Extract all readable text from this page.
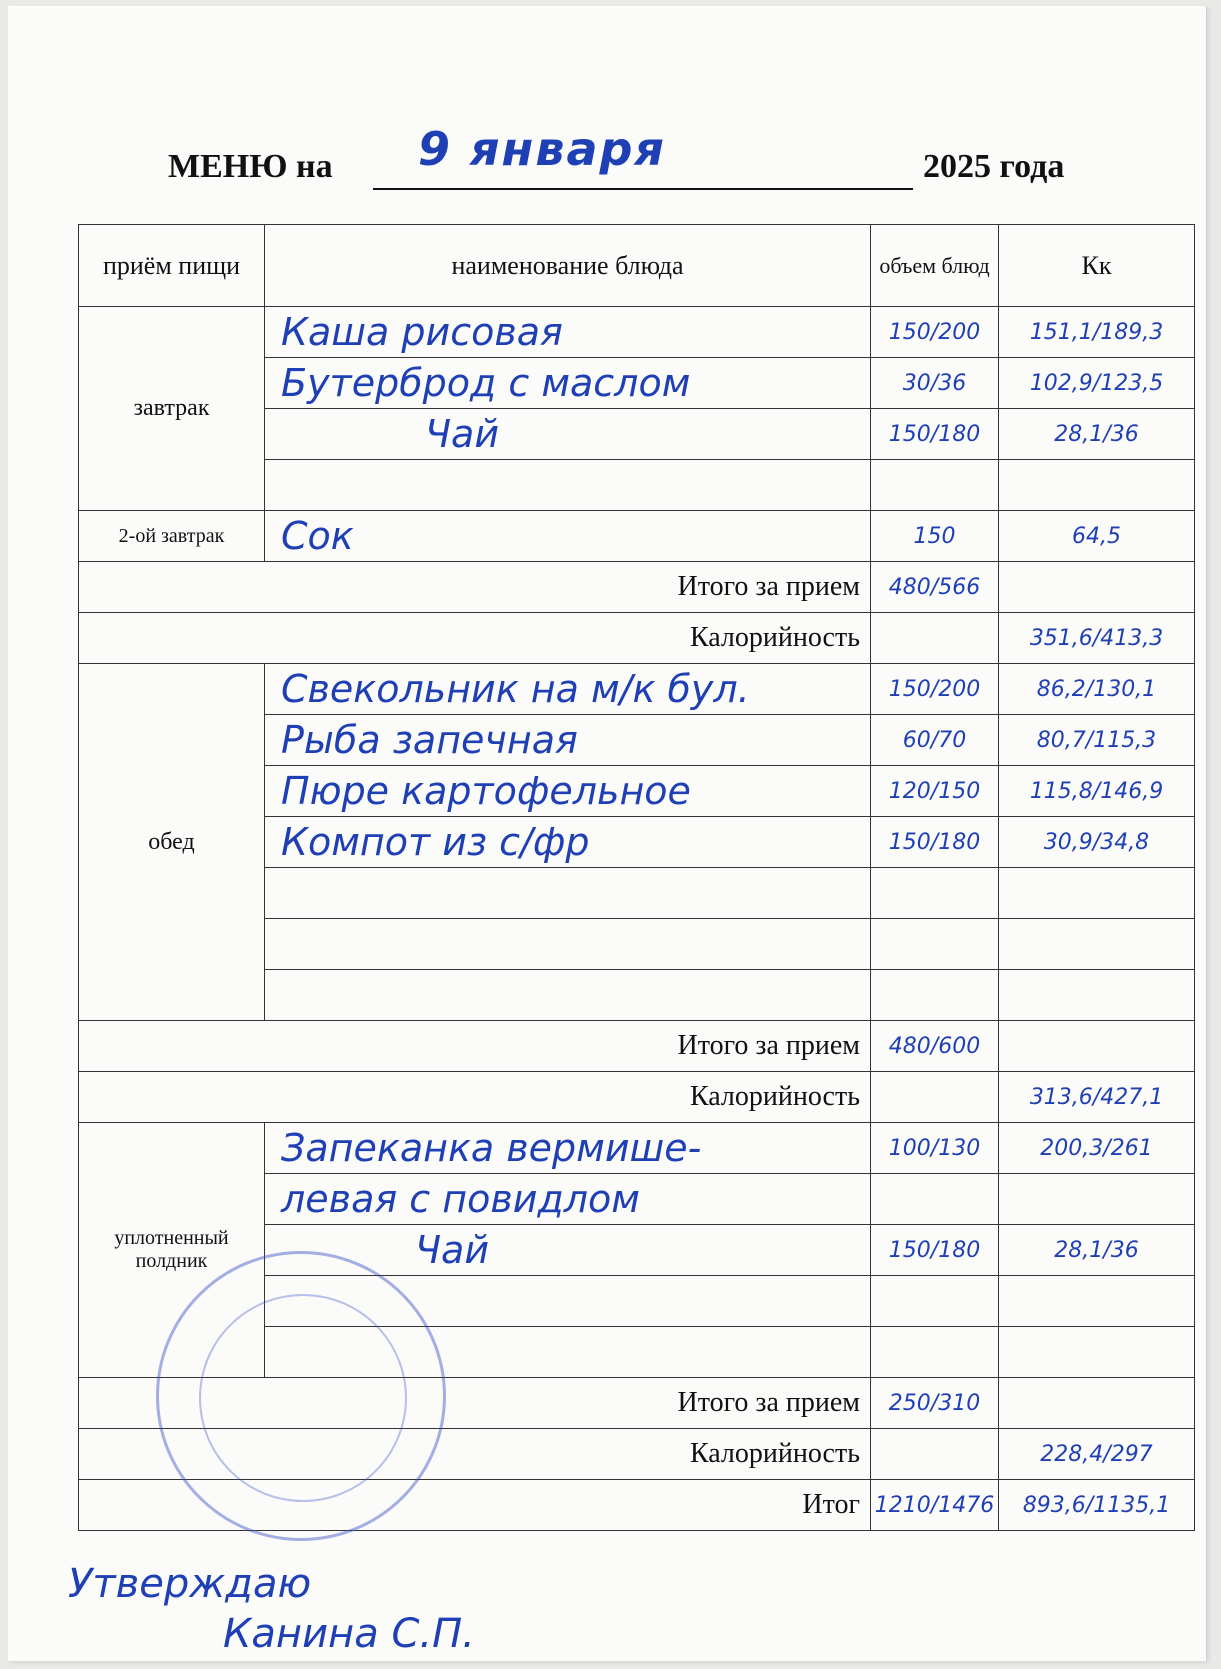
МЕНЮ на 9 января	2025 года
приём пищи	наименование блюда	объем блюд	Кк
завтрак	Каша рисовая	150/200	151,1/189,3
	Бутерброд с маслом	30/36	102,9/123,5
	Чай	150/180	28,1/36

2-ой завтрак	Сок	150	64,5
Итого за прием		480/566	
Калорийность			351,6/413,3
обед	Свекольник на м/к бул.	150/200	86,2/130,1
	Рыба запечная	60/70	80,7/115,3
	Пюре картофельное	120/150	115,8/146,9
	Компот из с/фр	150/180	30,9/34,8

Итого за прием		480/600	
Калорийность			313,6/427,1
уплотненный полдник	Запеканка вермише-	100/130	200,3/261
	левая с повидлом		
	Чай	150/180	28,1/36

Итого за прием		250/310	
Калорийность			228,4/297
Итог		1210/1476	893,6/1135,1
Утверждаю
Канина С.П.
